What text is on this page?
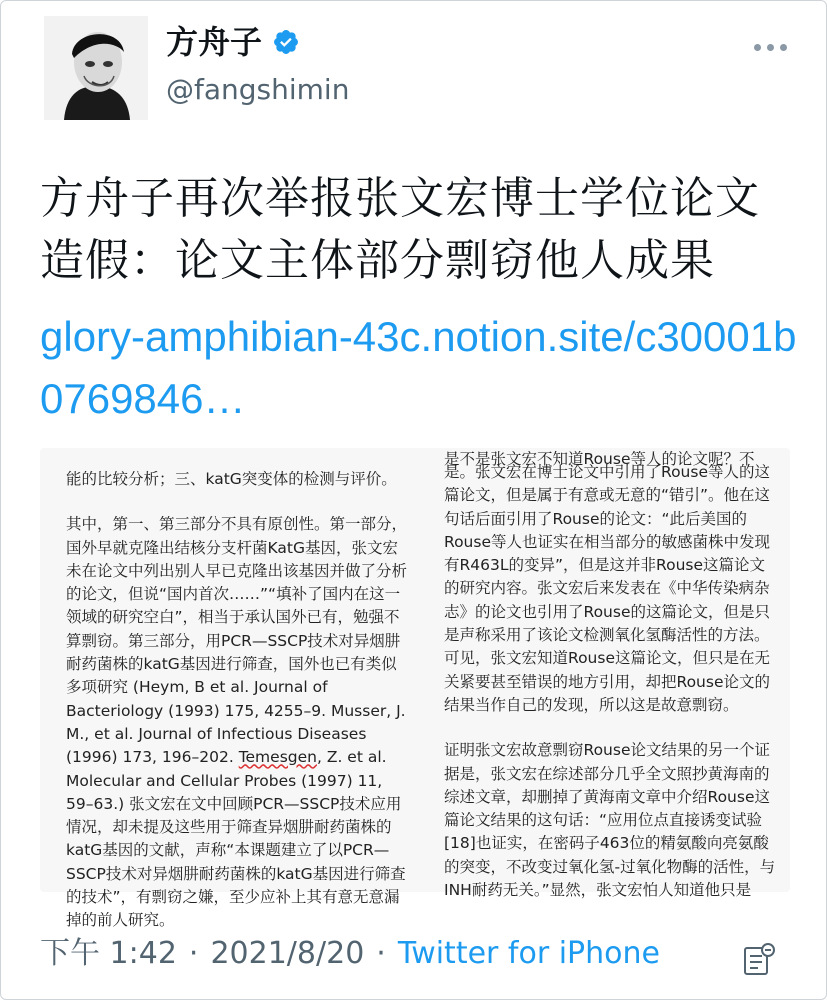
方舟子
@fangshimin
方舟子再次举报张文宏博士学位论文造假：论文主体部分剽窃他人成果
glory-amphibian-43c.notion.site/c30001b0769846…

能的比较分析；三、katG突变体的检测与评价。

其中，第一、第三部分不具有原创性。第一部分，国外早就克隆出结核分支杆菌KatG基因，张文宏未在论文中列出别人早已克隆出该基因并做了分析的论文，但说“国内首次……”“填补了国内在这一领域的研究空白”，相当于承认国外已有，勉强不算剽窃。第三部分，用PCR—SSCP技术对异烟肼耐药菌株的katG基因进行筛查，国外也已有类似多项研究 (Heym, B et al. Journal of Bacteriology (1993) 175, 4255–9. Musser, J. M., et al. Journal of Infectious Diseases (1996) 173, 196–202. Temesgen, Z. et al. Molecular and Cellular Probes (1997) 11, 59–63.) 张文宏在文中回顾PCR—SSCP技术应用情况，却未提及这些用于筛查异烟肼耐药菌株的katG基因的文献，声称“本课题建立了以PCR—SSCP技术对异烟肼耐药菌株的katG基因进行筛查的技术”，有剽窃之嫌，至少应补上其有意无意漏掉的前人研究。

是不是张文宏不知道Rouse等人的论文呢？不

是。张文宏在博士论文中引用了Rouse等人的这篇论文，但是属于有意或无意的“错引”。他在这句话后面引用了Rouse的论文：“此后美国的Rouse等人也证实在相当部分的敏感菌株中发现有R463L的变异”，但是这并非Rouse这篇论文的研究内容。张文宏后来发表在《中华传染病杂志》的论文也引用了Rouse的这篇论文，但是只是声称采用了该论文检测氧化氢酶活性的方法。可见，张文宏知道Rouse这篇论文，但只是在无关紧要甚至错误的地方引用，却把Rouse论文的结果当作自己的发现，所以这是故意剽窃。

证明张文宏故意剽窃Rouse论文结果的另一个证据是，张文宏在综述部分几乎全文照抄黄海南的综述文章，却删掉了黄海南文章中介绍Rouse这篇论文结果的这句话：“应用位点直接诱变试验[18]也证实，在密码子463位的精氨酸向亮氨酸的突变，不改变过氧化氢-过氧化物酶的活性，与INH耐药无关。”显然，张文宏怕人知道他只是

下午 1:42 · 2021/8/20 · Twitter for iPhone
